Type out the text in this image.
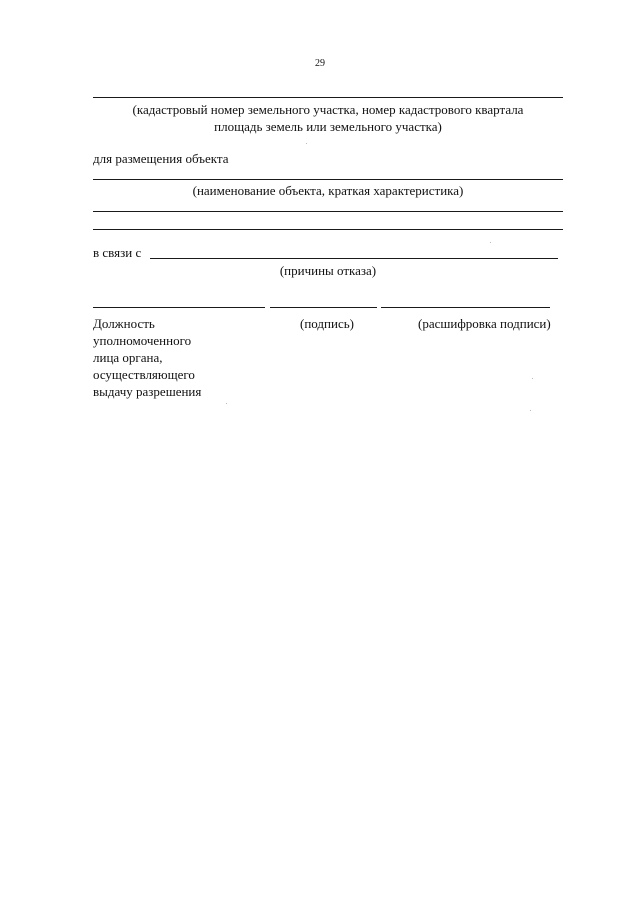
29
(кадастровый номер земельного участка, номер кадастрового квартала
площадь земель или земельного участка)
для размещения объекта
(наименование объекта, краткая характеристика)
в связи с
(причины отказа)
Должность
уполномоченного
лица органа,
осуществляющего
выдачу разрешения
(подпись)	(расшифровка подписи)
